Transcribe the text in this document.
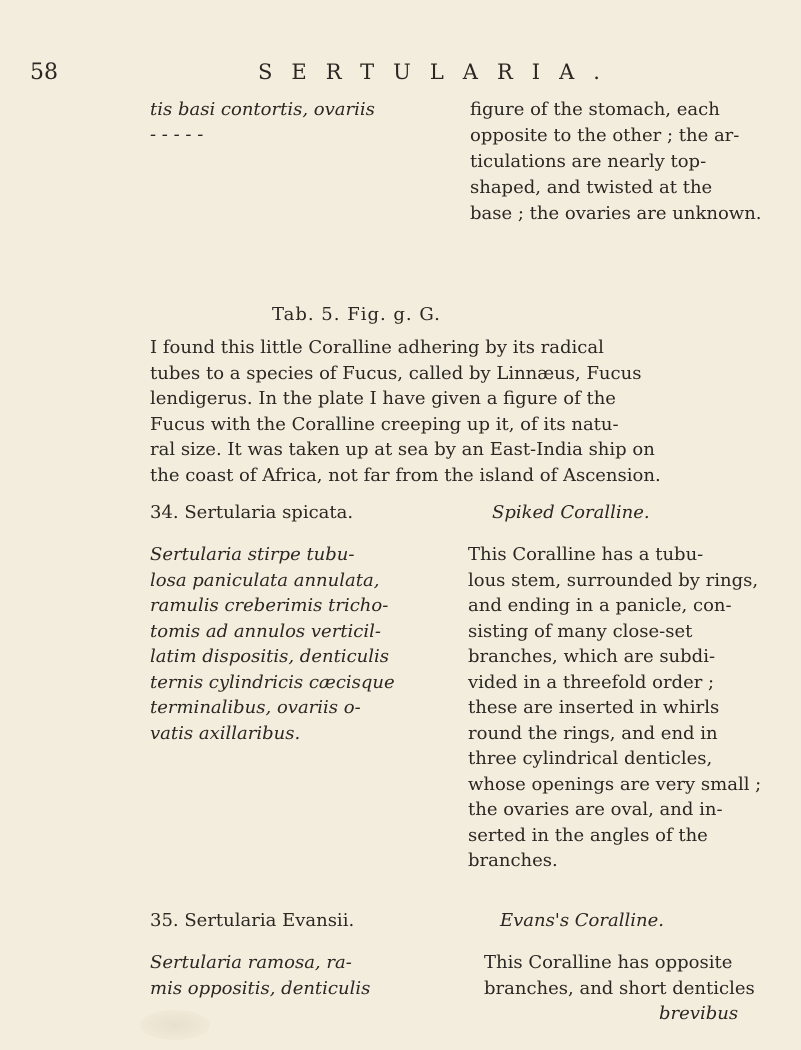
58	SERTULARIA.
tis basi contortis, ovariis
- - - - -
figure of the stomach, each
opposite to the other ; the ar-
ticulations are nearly top-
shaped, and twisted at the
base ; the ovaries are unknown.
Tab. 5. Fig. g. G.
I found this little Coralline adhering by its radical
tubes to a species of Fucus, called by Linnæus, Fucus
lendigerus. In the plate I have given a figure of the
Fucus with the Coralline creeping up it, of its natu-
ral size. It was taken up at sea by an East-India ship on
the coast of Africa, not far from the island of Ascension.
34. Sertularia spicata.	Spiked Coralline.
Sertularia stirpe tubu-
losa paniculata annulata,
ramulis creberimis tricho-
tomis ad annulos verticil-
latim dispositis, denticulis
ternis cylindricis cæcisque
terminalibus, ovariis o-
vatis axillaribus.
This Coralline has a tubu-
lous stem, surrounded by rings,
and ending in a panicle, con-
sisting of many close-set
branches, which are subdi-
vided in a threefold order ;
these are inserted in whirls
round the rings, and end in
three cylindrical denticles,
whose openings are very small ;
the ovaries are oval, and in-
serted in the angles of the
branches.
35. Sertularia Evansii.	Evans's Coralline.
Sertularia ramosa, ra-
mis oppositis, denticulis
This Coralline has opposite
branches, and short denticles
brevibus
